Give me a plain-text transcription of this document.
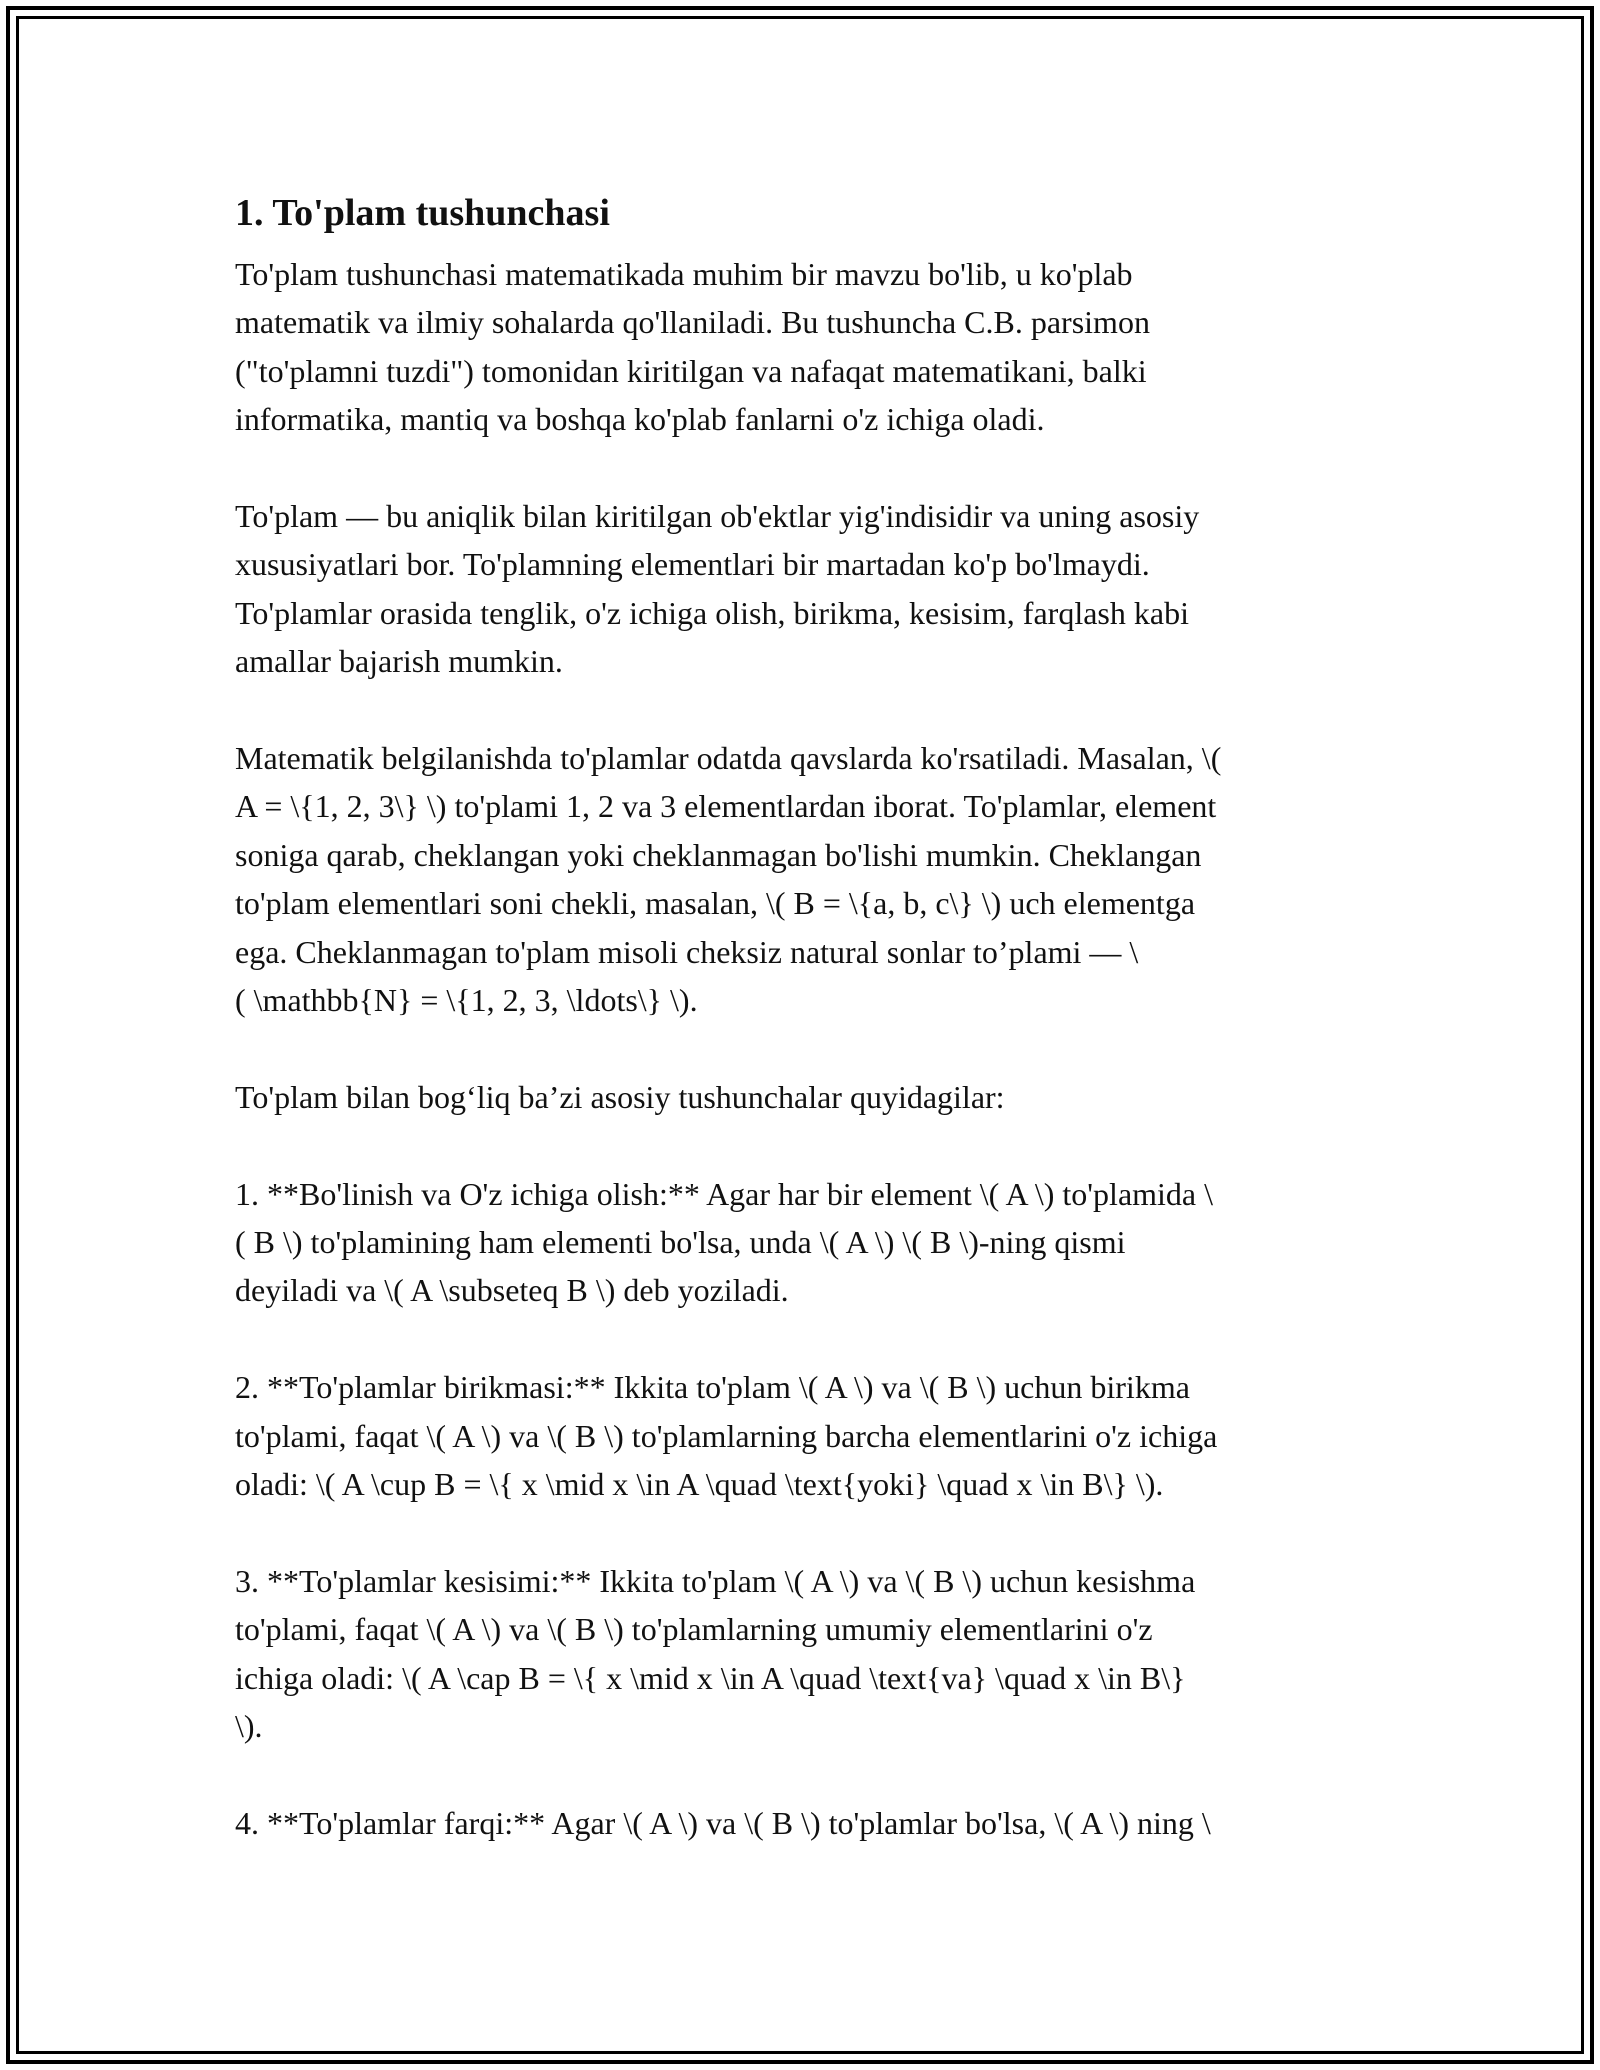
1. To'plam tushunchasi

To'plam tushunchasi matematikada muhim bir mavzu bo'lib, u ko'plab
matematik va ilmiy sohalarda qo'llaniladi. Bu tushuncha C.B. parsimon
("to'plamni tuzdi") tomonidan kiritilgan va nafaqat matematikani, balki
informatika, mantiq va boshqa ko'plab fanlarni o'z ichiga oladi.

To'plam — bu aniqlik bilan kiritilgan ob'ektlar yig'indisidir va uning asosiy
xususiyatlari bor. To'plamning elementlari bir martadan ko'p bo'lmaydi.
To'plamlar orasida tenglik, o'z ichiga olish, birikma, kesisim, farqlash kabi
amallar bajarish mumkin.

Matematik belgilanishda to'plamlar odatda qavslarda ko'rsatiladi. Masalan, \(
A = \{1, 2, 3\} \) to'plami 1, 2 va 3 elementlardan iborat. To'plamlar, element
soniga qarab, cheklangan yoki cheklanmagan bo'lishi mumkin. Cheklangan
to'plam elementlari soni chekli, masalan, \( B = \{a, b, c\} \) uch elementga
ega. Cheklanmagan to'plam misoli cheksiz natural sonlar to’plami — \
( \mathbb{N} = \{1, 2, 3, \ldots\} \).

To'plam bilan bog‘liq ba’zi asosiy tushunchalar quyidagilar:

1. **Bo'linish va O'z ichiga olish:** Agar har bir element \( A \) to'plamida \
( B \) to'plamining ham elementi bo'lsa, unda \( A \) \( B \)-ning qismi
deyiladi va \( A \subseteq B \) deb yoziladi.

2. **To'plamlar birikmasi:** Ikkita to'plam \( A \) va \( B \) uchun birikma
to'plami, faqat \( A \) va \( B \) to'plamlarning barcha elementlarini o'z ichiga
oladi: \( A \cup B = \{ x \mid x \in A \quad \text{yoki} \quad x \in B\} \).

3. **To'plamlar kesisimi:** Ikkita to'plam \( A \) va \( B \) uchun kesishma
to'plami, faqat \( A \) va \( B \) to'plamlarning umumiy elementlarini o'z
ichiga oladi: \( A \cap B = \{ x \mid x \in A \quad \text{va} \quad x \in B\}
\).

4. **To'plamlar farqi:** Agar \( A \) va \( B \) to'plamlar bo'lsa, \( A \) ning \
